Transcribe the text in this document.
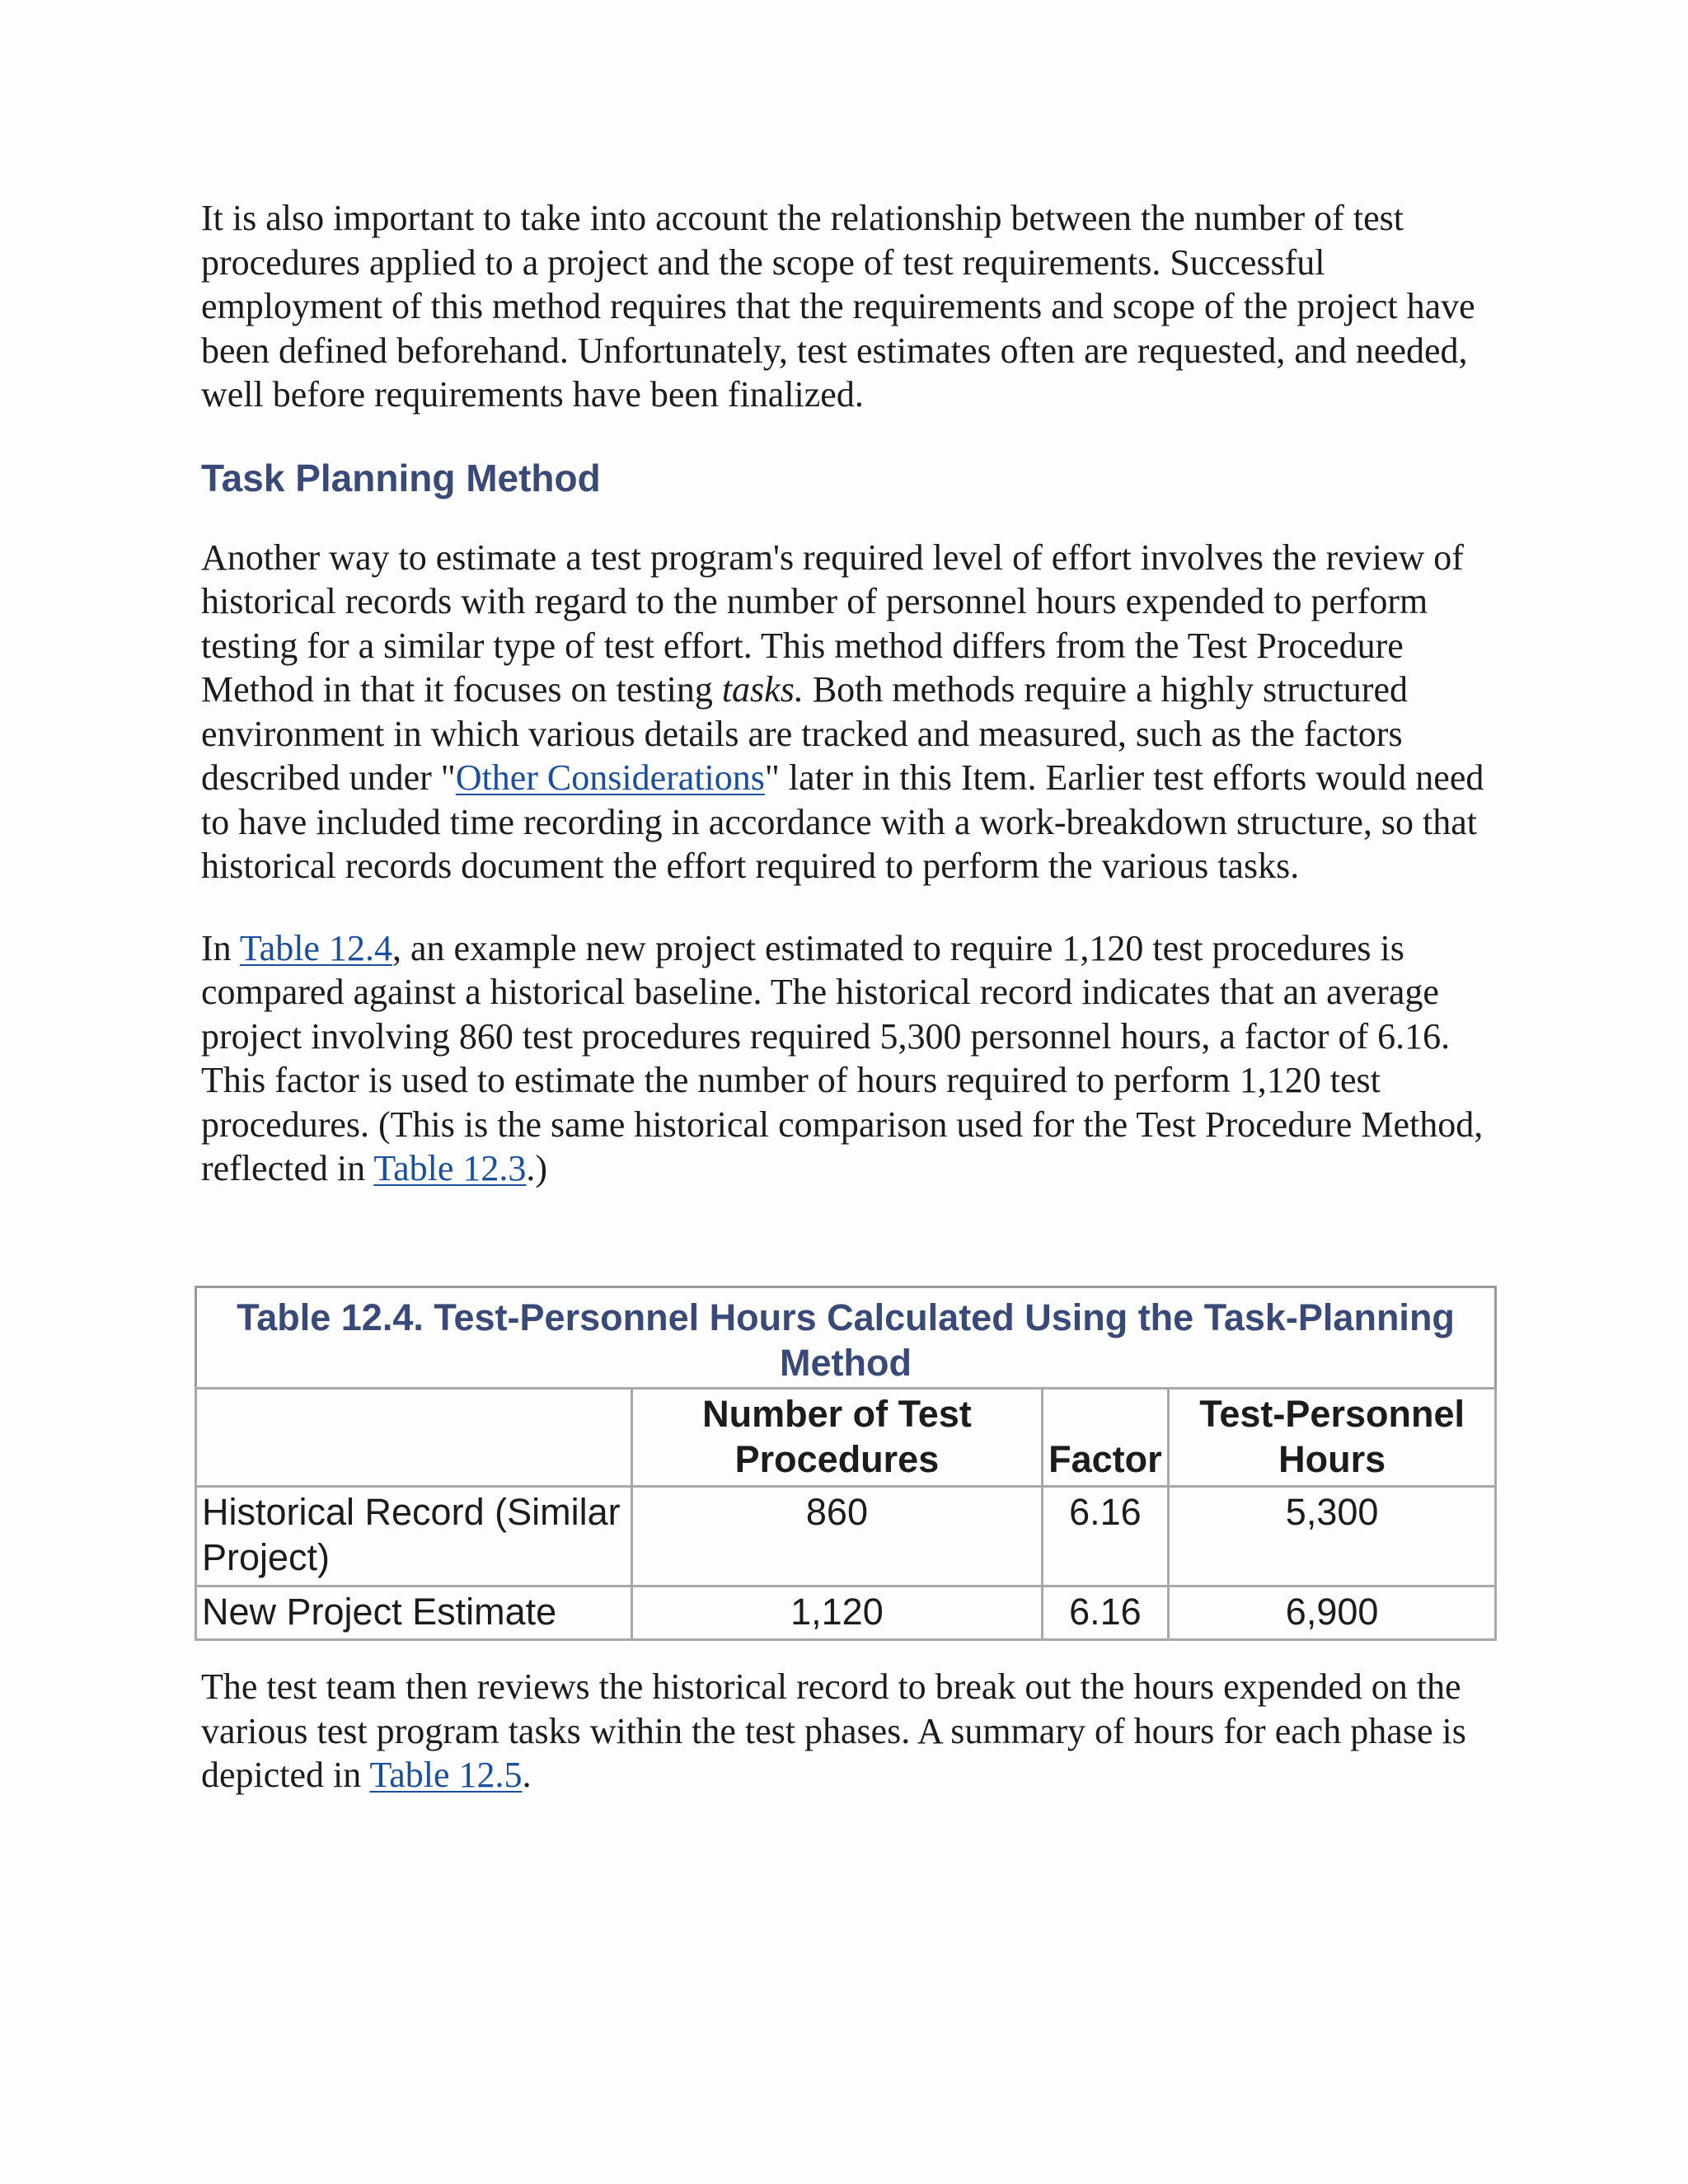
It is also important to take into account the relationship between the number of test procedures applied to a project and the scope of test requirements. Successful employment of this method requires that the requirements and scope of the project have been defined beforehand. Unfortunately, test estimates often are requested, and needed, well before requirements have been finalized.

Task Planning Method

Another way to estimate a test program's required level of effort involves the review of historical records with regard to the number of personnel hours expended to perform testing for a similar type of test effort. This method differs from the Test Procedure Method in that it focuses on testing tasks. Both methods require a highly structured environment in which various details are tracked and measured, such as the factors described under "Other Considerations" later in this Item. Earlier test efforts would need to have included time recording in accordance with a work-breakdown structure, so that historical records document the effort required to perform the various tasks.

In Table 12.4, an example new project estimated to require 1,120 test procedures is compared against a historical baseline. The historical record indicates that an average project involving 860 test procedures required 5,300 personnel hours, a factor of 6.16. This factor is used to estimate the number of hours required to perform 1,120 test procedures. (This is the same historical comparison used for the Test Procedure Method, reflected in Table 12.3.)

Table 12.4. Test-Personnel Hours Calculated Using the Task-Planning Method
	Number of Test Procedures	Factor	Test-Personnel Hours
Historical Record (Similar Project)	860	6.16	5,300
New Project Estimate	1,120	6.16	6,900

The test team then reviews the historical record to break out the hours expended on the various test program tasks within the test phases. A summary of hours for each phase is depicted in Table 12.5.
